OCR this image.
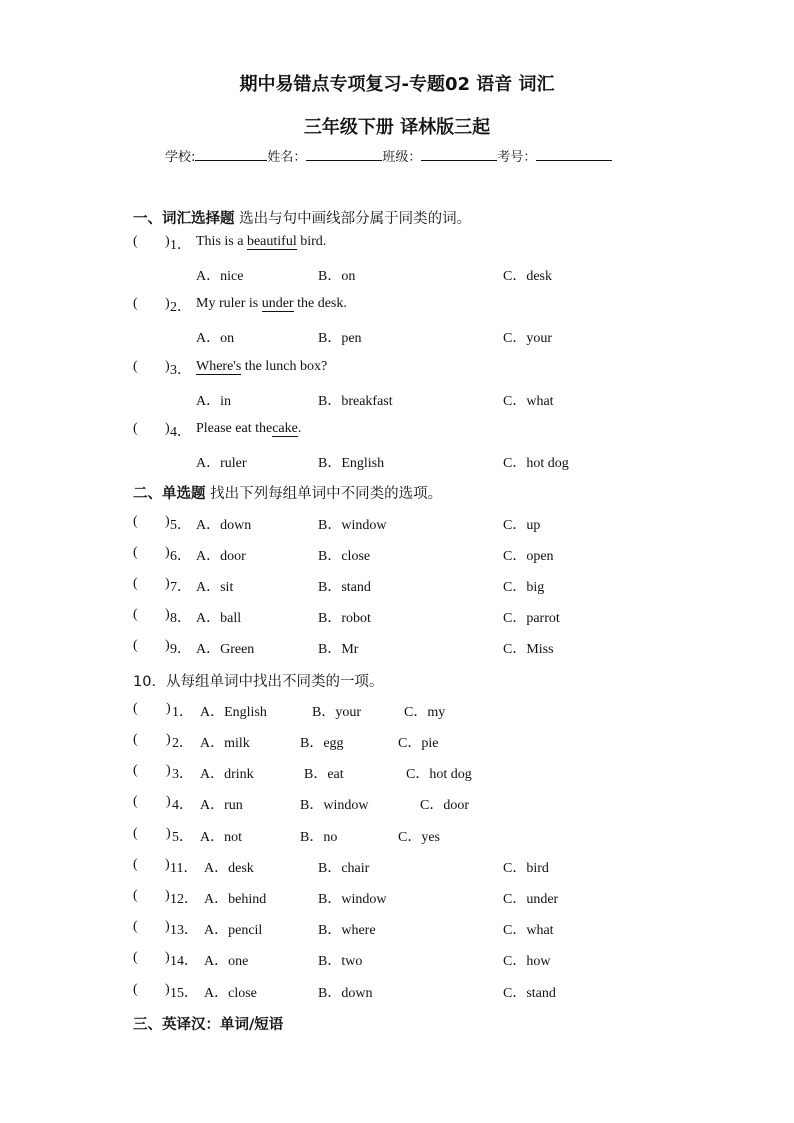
期中易错点专项复习-专题02 语音 词汇
三年级下册 译林版三起
学校:	姓名：	班级：	考号：
一、词汇选择题 选出与句中画线部分属于同类的词。
( ) 1． This is a beautiful bird.
A．nice	B．on	C．desk
( ) 2． My ruler is under the desk.
A．on	B．pen	C．your
( ) 3． Where's the lunch box?
A．in	B．breakfast	C．what
( ) 4． Please eat thecake.
A．ruler	B．English	C．hot dog
二、单选题 找出下列每组单词中不同类的选项。
( ) 5． A．down	B．window	C．up
( ) 6． A．door	B．close	C．open
( ) 7． A．sit	B．stand	C．big
( ) 8． A．ball	B．robot	C．parrot
( ) 9． A．Green	B．Mr	C．Miss
10．从每组单词中找出不同类的一项。
( ) 1． A．English	B．your	C．my
( ) 2． A．milk	B．egg	C．pie
( ) 3． A．drink	B．eat	C．hot dog
( ) 4． A．run	B．window	C．door
( ) 5． A．not	B．no	C．yes
( ) 11． A．desk	B．chair	C．bird
( ) 12． A．behind	B．window	C．under
( ) 13． A．pencil	B．where	C．what
( ) 14． A．one	B．two	C．how
( ) 15． A．close	B．down	C．stand
三、英译汉：单词/短语
